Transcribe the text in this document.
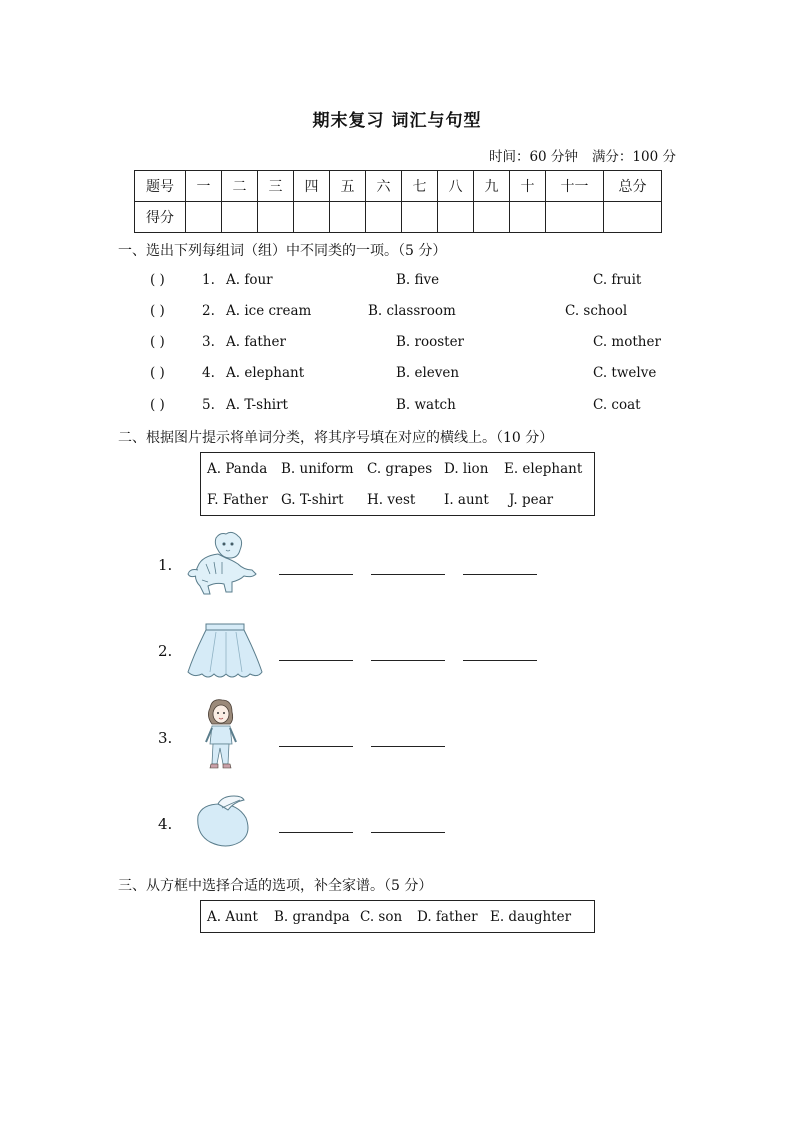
期末复习 词汇与句型
时间：60 分钟 满分：100 分
题号	一	二	三	四	五	六	七	八	九	十	十一	总分
得分												
一、选出下列每组词（组）中不同类的一项。（5 分）
( )	1. A. four	B. five	C. fruit
( )	2. A. ice cream	B. classroom	C. school
( )	3. A. father	B. rooster	C. mother
( )	4. A. elephant	B. eleven	C. twelve
( )	5. A. T-shirt	B. watch	C. coat
二、根据图片提示将单词分类，将其序号填在对应的横线上。（10 分）
A. Panda B. uniform C. grapes D. lion E. elephant
F. Father G. T-shirt H. vest I. aunt J. pear
1.
2.
3.
4.
三、从方框中选择合适的选项，补全家谱。（5 分）
A. Aunt B. grandpa C. son D. father E. daughter
